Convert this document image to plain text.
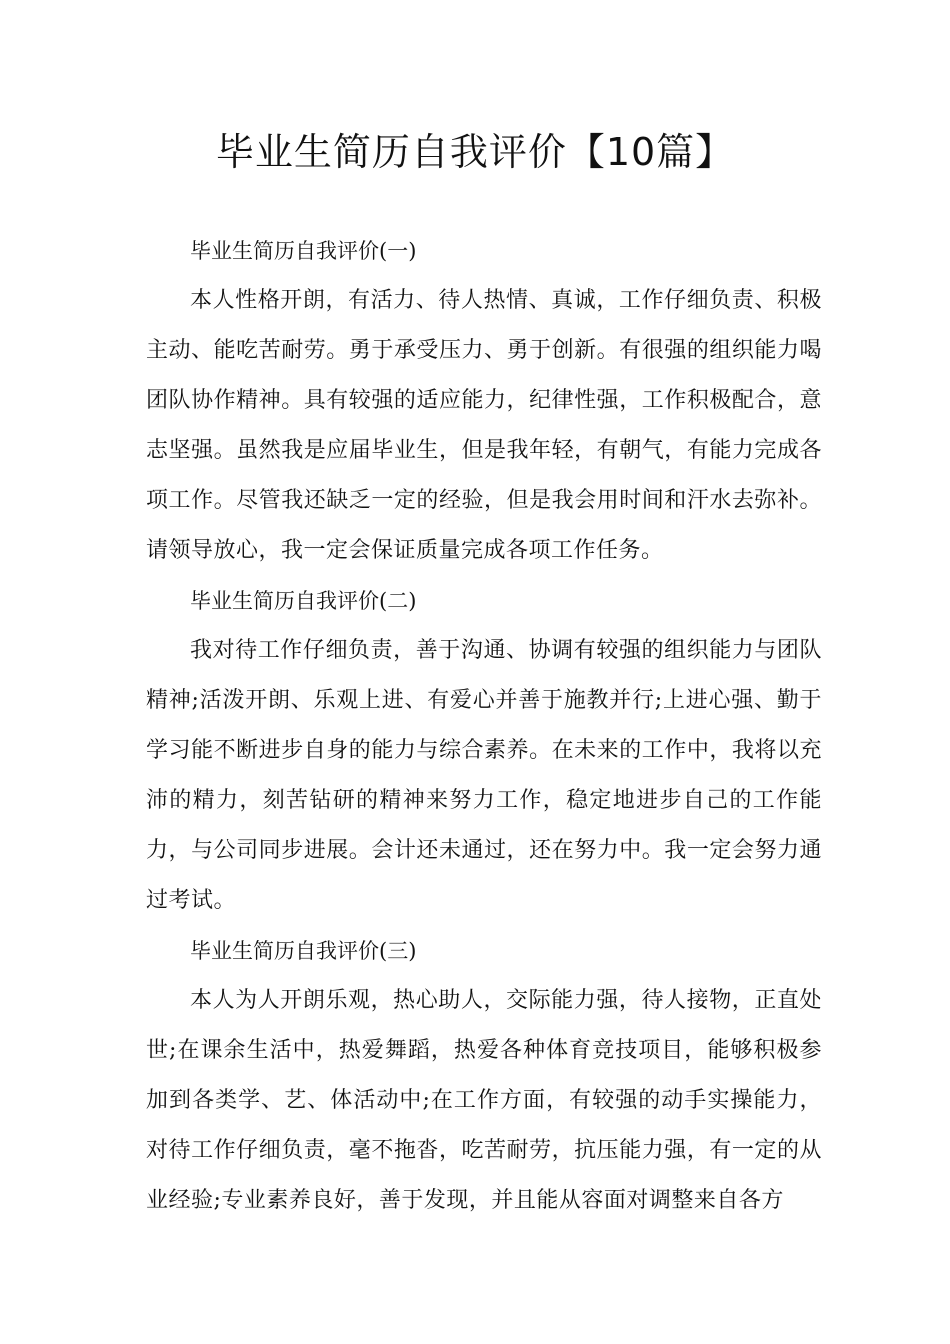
毕业生简历自我评价【10篇】
毕业生简历自我评价(一)

本人性格开朗，有活力、待人热情、真诚，工作仔细负责、积极主动、能吃苦耐劳。勇于承受压力、勇于创新。有很强的组织能力喝团队协作精神。具有较强的适应能力，纪律性强，工作积极配合，意志坚强。虽然我是应届毕业生，但是我年轻，有朝气，有能力完成各项工作。尽管我还缺乏一定的经验，但是我会用时间和汗水去弥补。请领导放心，我一定会保证质量完成各项工作任务。

毕业生简历自我评价(二)

我对待工作仔细负责，善于沟通、协调有较强的组织能力与团队精神;活泼开朗、乐观上进、有爱心并善于施教并行;上进心强、勤于学习能不断进步自身的能力与综合素养。在未来的工作中，我将以充沛的精力，刻苦钻研的精神来努力工作，稳定地进步自己的工作能力，与公司同步进展。会计还未通过，还在努力中。我一定会努力通过考试。

毕业生简历自我评价(三)

本人为人开朗乐观，热心助人，交际能力强，待人接物，正直处世;在课余生活中，热爱舞蹈，热爱各种体育竞技项目，能够积极参加到各类学、艺、体活动中;在工作方面，有较强的动手实操能力，对待工作仔细负责，毫不拖沓，吃苦耐劳，抗压能力强，有一定的从业经验;专业素养良好，善于发现，并且能从容面对调整来自各方
